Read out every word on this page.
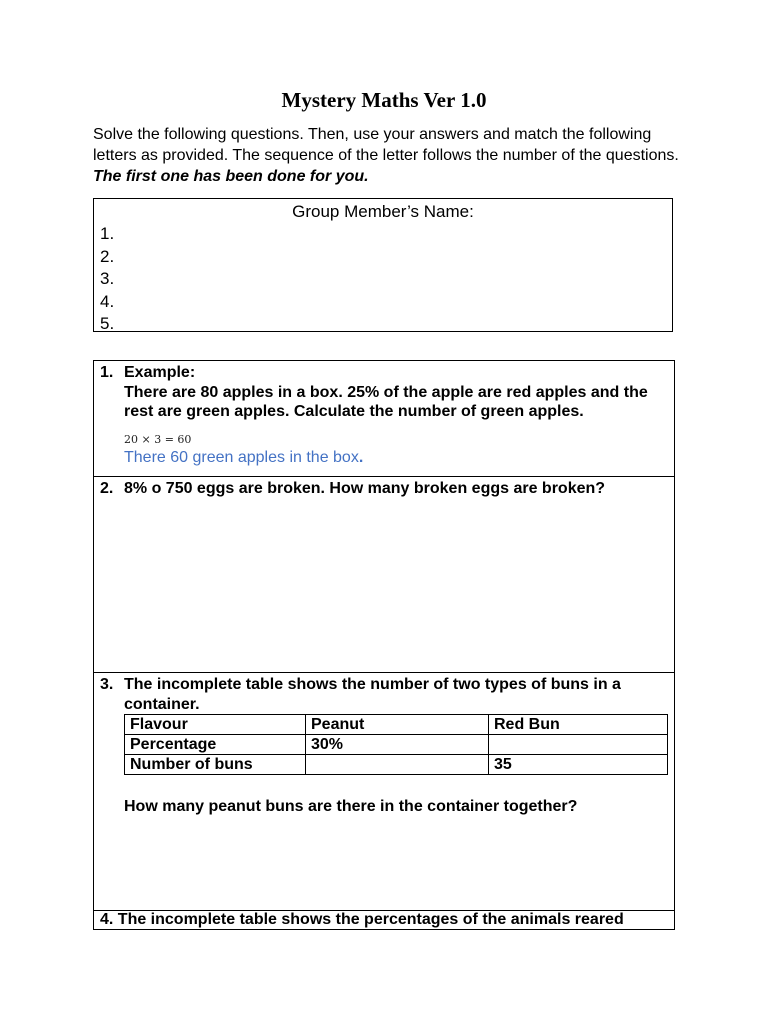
Mystery Maths Ver 1.0
Solve the following questions. Then, use your answers and match the following letters as provided. The sequence of the letter follows the number of the questions. The first one has been done for you.
Group Member’s Name:
1.
2.
3.
4.
5.
1. Example:
There are 80 apples in a box. 25% of the apple are red apples and the rest are green apples. Calculate the number of green apples.
20 × 3 = 60
There 60 green apples in the box.
2. 8% o 750 eggs are broken. How many broken eggs are broken?
3. The incomplete table shows the number of two types of buns in a container.
Flavour	Peanut	Red Bun
Percentage	30%	
Number of buns		35
How many peanut buns are there in the container together?
4. The incomplete table shows the percentages of the animals reared
